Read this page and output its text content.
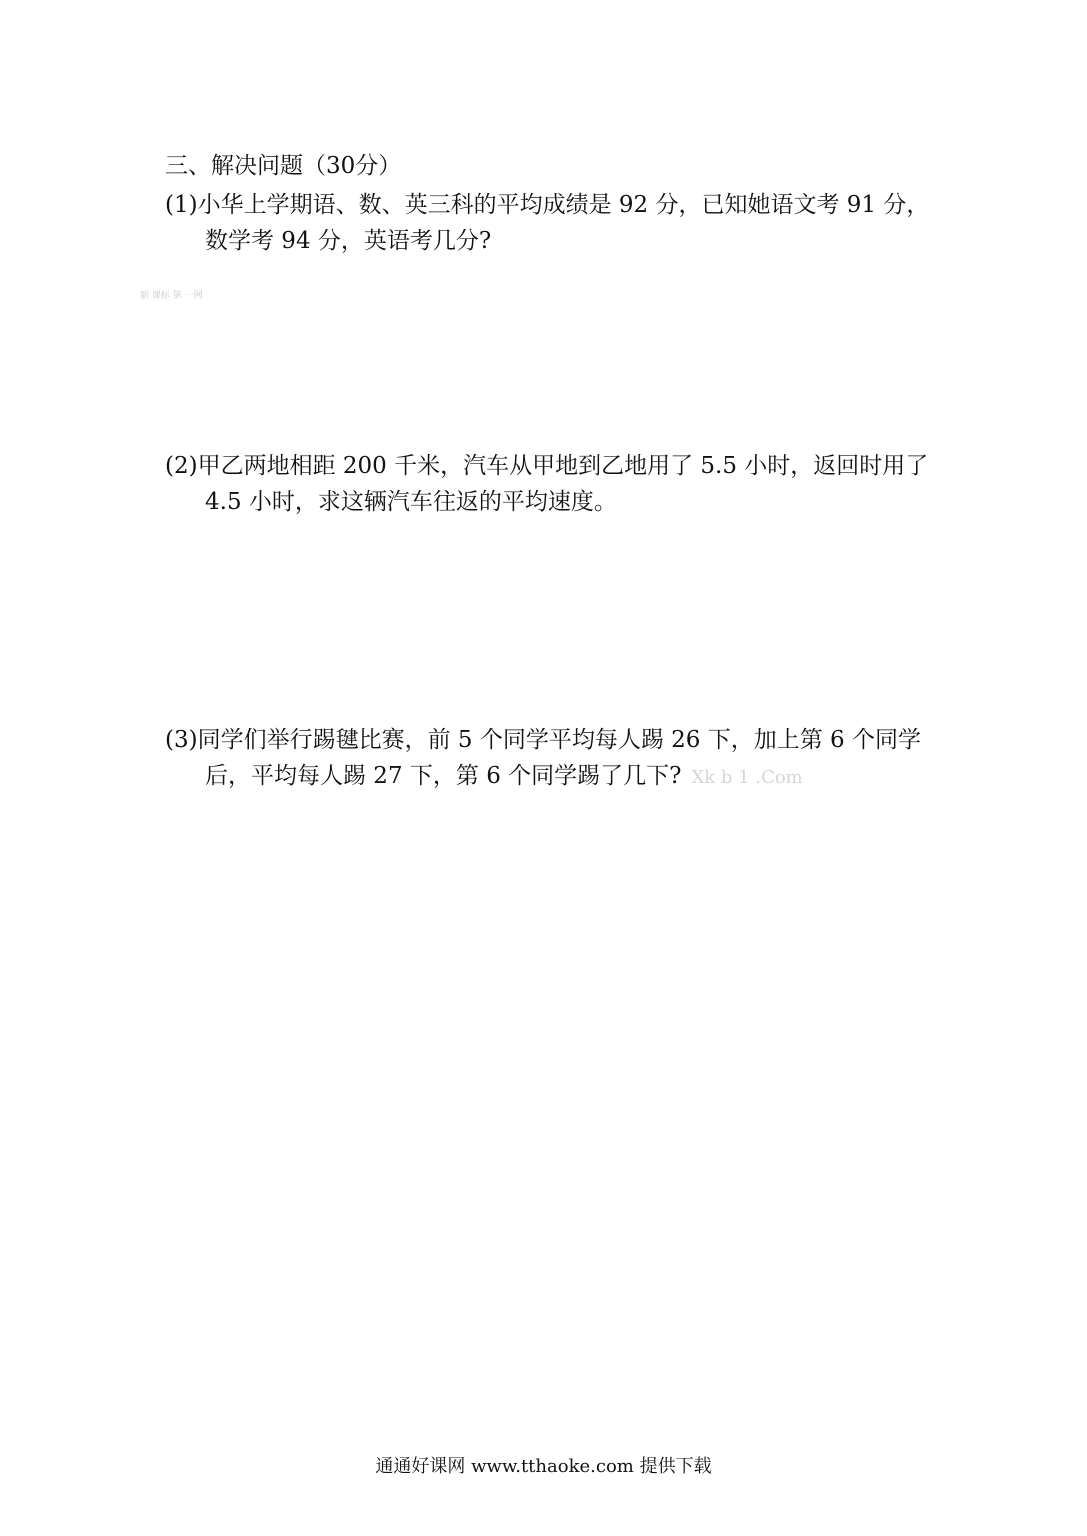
三、解决问题（30分）
(1)小华上学期语、数、英三科的平均成绩是 92 分，已知她语文考 91 分，
数学考 94 分，英语考几分?
新 课标 第 一网
(2)甲乙两地相距 200 千米，汽车从甲地到乙地用了 5.5 小时，返回时用了
4.5 小时，求这辆汽车往返的平均速度。
(3)同学们举行踢毽比赛，前 5 个同学平均每人踢 26 下，加上第 6 个同学
后，平均每人踢 27 下，第 6 个同学踢了几下? Xk b 1 .Com
通通好课网 www.tthaoke.com 提供下载
